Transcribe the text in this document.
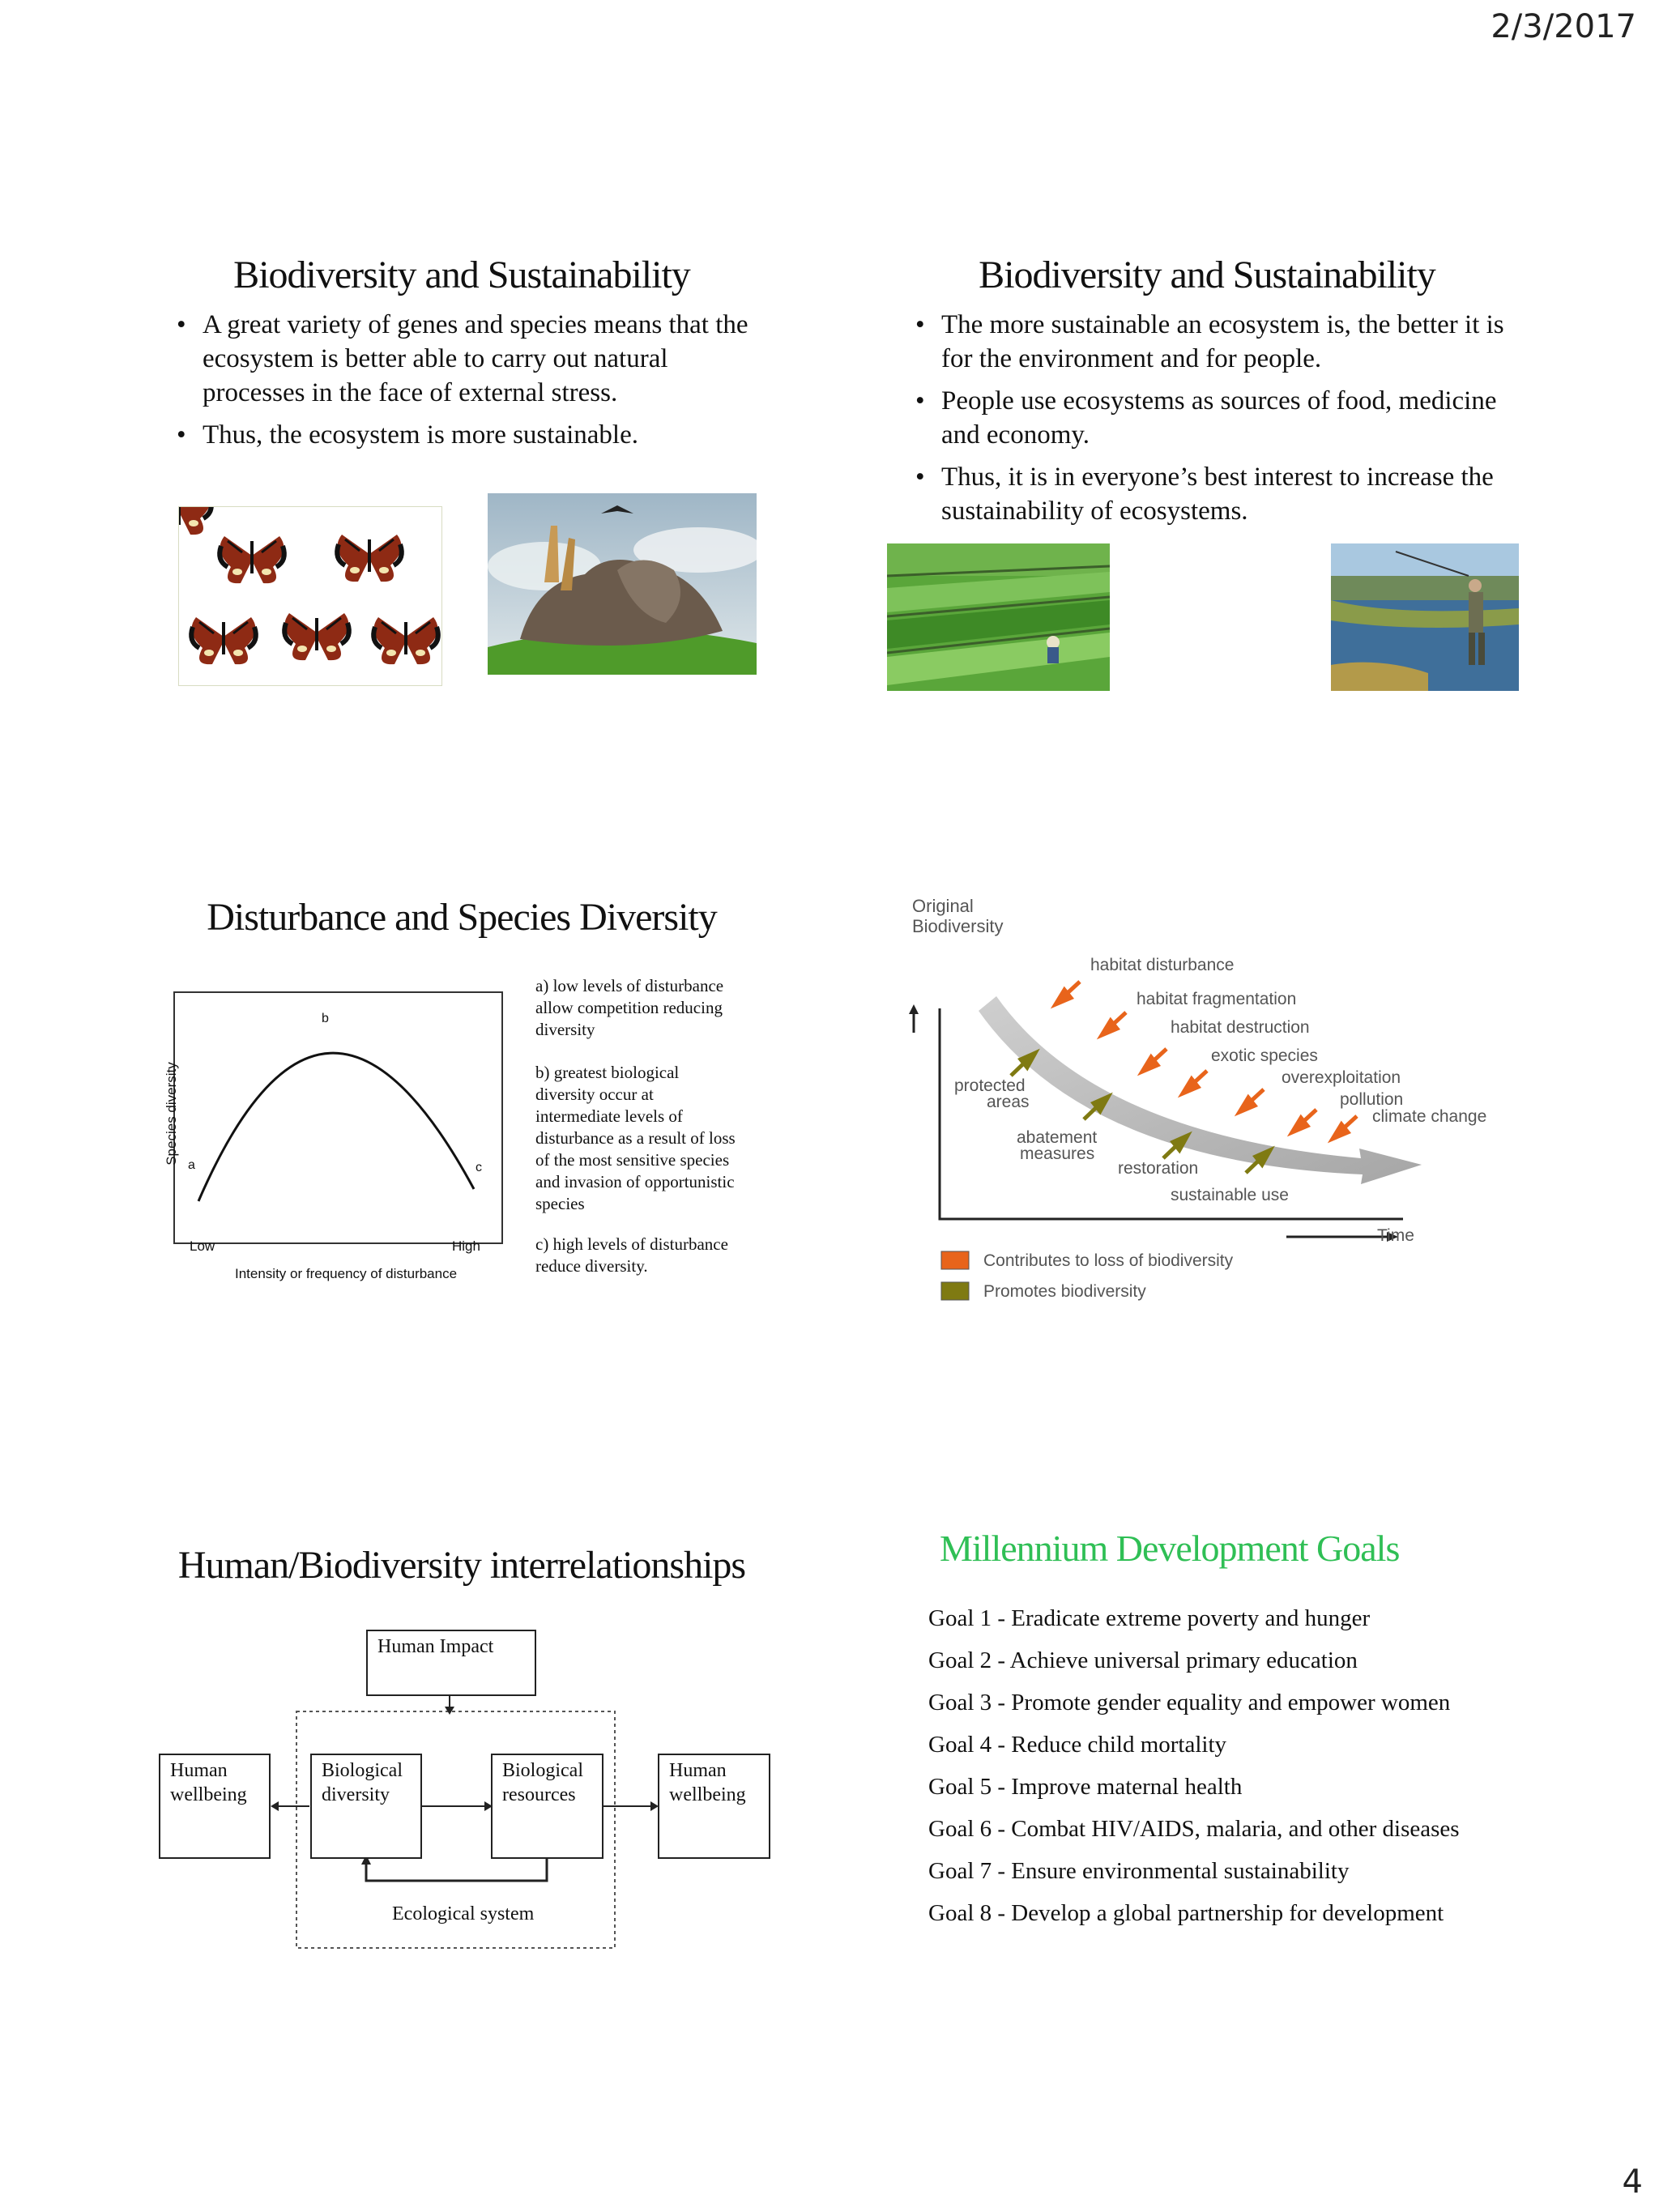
2/3/2017
4
Biodiversity and Sustainability
• A great variety of genes and species means that the ecosystem is better able to carry out natural processes in the face of external stress.
• Thus, the ecosystem is more sustainable.
Biodiversity and Sustainability
• The more sustainable an ecosystem is, the better it is for the environment and for people.
• People use ecosystems as sources of food, medicine and economy.
• Thus, it is in everyone’s best interest to increase the sustainability of ecosystems.
Disturbance and Species Diversity
Species diversity a
b
c
Low	High
Intensity or frequency of disturbance
a) low levels of disturbance allow competition reducing diversity
b) greatest biological diversity occur at intermediate levels of disturbance as a result of loss of the most sensitive species and invasion of opportunistic species
c) high levels of disturbance reduce diversity.
Original
Biodiversity
habitat disturbance
habitat fragmentation
habitat destruction
exotic species
overexploitation
pollution
climate change
protected
areas
abatement
measures
restoration
sustainable use
Time
Contributes to loss of biodiversity
Promotes biodiversity
Human/Biodiversity interrelationships
Human Impact
Human
wellbeing
Biological
diversity
Biological
resources
Human
wellbeing
Ecological system
Millennium Development Goals
Goal 1 - Eradicate extreme poverty and hunger
Goal 2 - Achieve universal primary education
Goal 3 - Promote gender equality and empower women
Goal 4 - Reduce child mortality
Goal 5 - Improve maternal health
Goal 6 - Combat HIV/AIDS, malaria, and other diseases
Goal 7 - Ensure environmental sustainability
Goal 8 - Develop a global partnership for development
